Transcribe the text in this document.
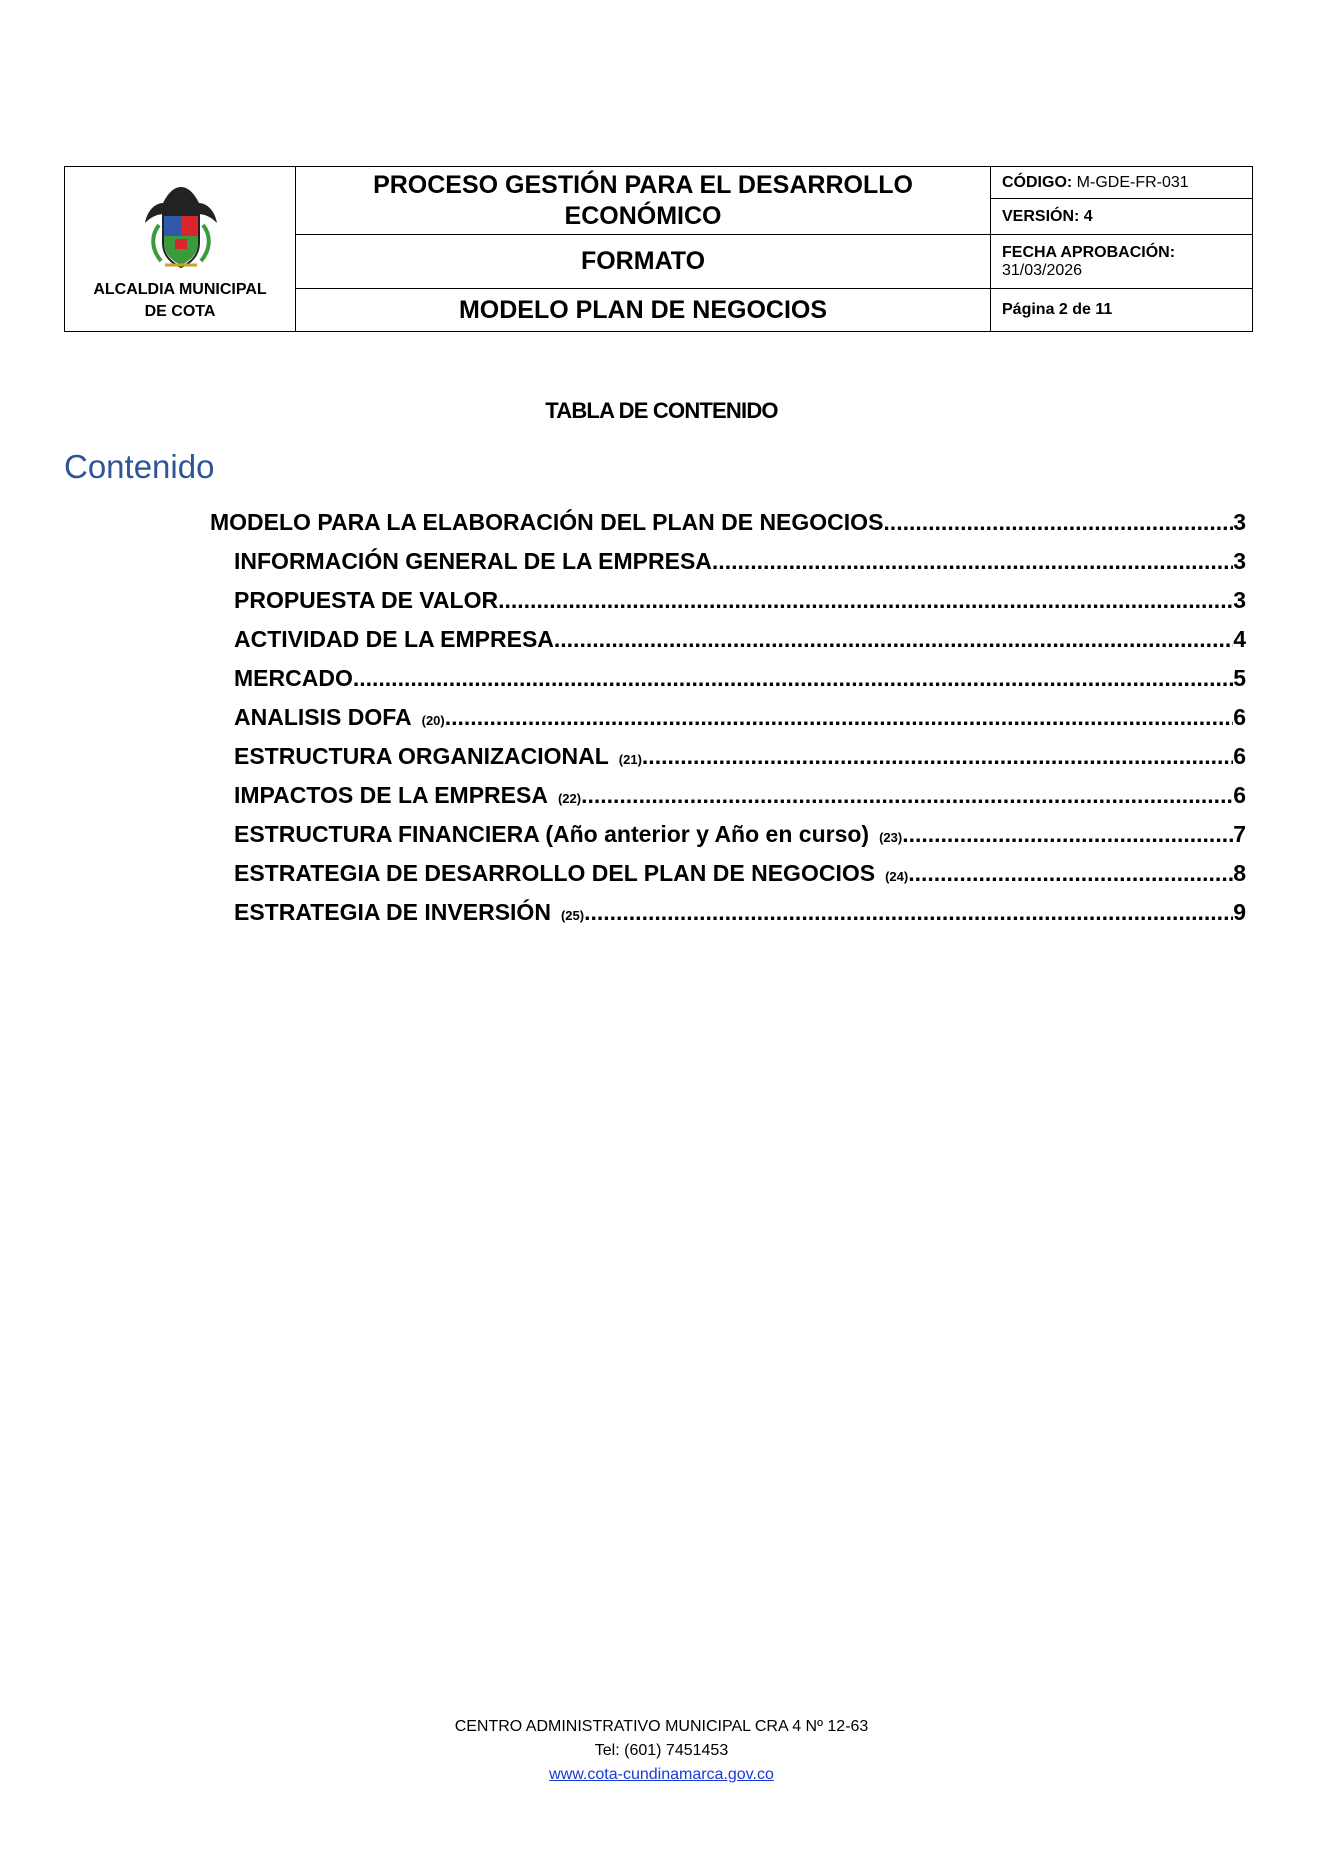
ALCALDIA MUNICIPAL
DE COTA
PROCESO GESTIÓN PARA EL DESARROLLO
ECONÓMICO
FORMATO
MODELO PLAN DE NEGOCIOS
CÓDIGO: M-GDE-FR-031
VERSIÓN: 4
FECHA APROBACIÓN:
31/03/2026
Página 2 de 11
TABLA DE CONTENIDO
Contenido
MODELO PARA LA ELABORACIÓN DEL PLAN DE NEGOCIOS .....	3
INFORMACIÓN GENERAL DE LA EMPRESA .....	3
PROPUESTA DE VALOR .....	3
ACTIVIDAD DE LA EMPRESA .....	4
MERCADO .....	5
ANALISIS DOFA (20) .....	6
ESTRUCTURA ORGANIZACIONAL (21) .....	6
IMPACTOS DE LA EMPRESA (22) .....	6
ESTRUCTURA FINANCIERA (Año anterior y Año en curso) (23) .....	7
ESTRATEGIA DE DESARROLLO DEL PLAN DE NEGOCIOS (24) .....	8
ESTRATEGIA DE INVERSIÓN (25) .....	9
CENTRO ADMINISTRATIVO MUNICIPAL CRA 4 Nº 12-63
Tel: (601) 7451453
www.cota-cundinamarca.gov.co
